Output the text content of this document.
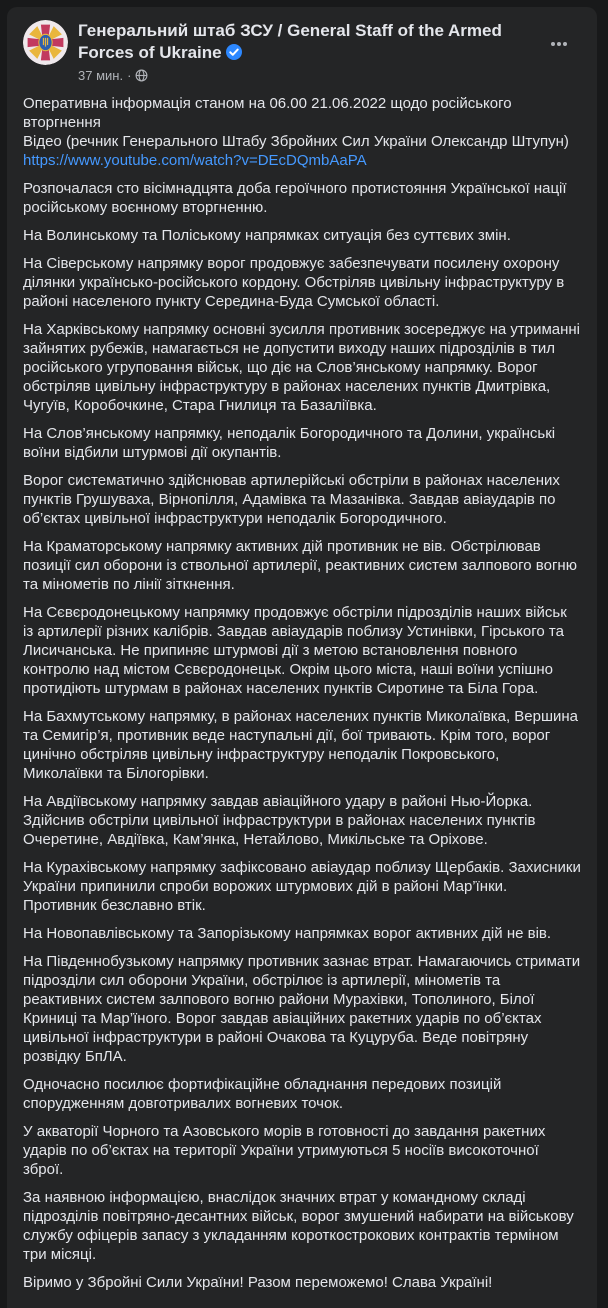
Генеральний штаб ЗСУ / General Staff of the Armed Forces of Ukraine
37 мин. ·

Оперативна інформація станом на 06.00 21.06.2022 щодо російського вторгнення
Відео (речник Генерального Штабу Збройних Сил України Олександр Штупун)
https://www.youtube.com/watch?v=DEcDQmbAaPA

Розпочалася сто вісімнадцята доба героїчного протистояння Української нації російському воєнному вторгненню.

На Волинському та Поліському напрямках ситуація без суттєвих змін.

На Сіверському напрямку ворог продовжує забезпечувати посилену охорону ділянки українсько-російського кордону. Обстріляв цивільну інфраструктуру в районі населеного пункту Середина-Буда Сумської області.

На Харківському напрямку основні зусилля противник зосереджує на утриманні зайнятих рубежів, намагається не допустити виходу наших підрозділів в тил російського угруповання військ, що діє на Слов’янському напрямку. Ворог обстріляв цивільну інфраструктуру в районах населених пунктів Дмитрівка, Чугуїв, Коробочкине, Стара Гнилиця та Базаліївка.

На Слов’янському напрямку, неподалік Богородичного та Долини, українські воїни відбили штурмові дії окупантів.

Ворог систематично здійснював артилерійські обстріли в районах населених пунктів Грушуваха, Вірнопілля, Адамівка та Мазанівка. Завдав авіаударів по об’єктах цивільної інфраструктури неподалік Богородичного.

На Краматорському напрямку активних дій противник не вів. Обстрілював позиції сил оборони із ствольної артилерії, реактивних систем залпового вогню та мінометів по лінії зіткнення.

На Сєвєродонецькому напрямку продовжує обстріли підрозділів наших військ із артилерії різних калібрів. Завдав авіаударів поблизу Устинівки, Гірського та Лисичанська. Не припиняє штурмові дії з метою встановлення повного контролю над містом Сєвєродонецьк. Окрім цього міста, наші воїни успішно протидіють штурмам в районах населених пунктів Сиротине та Біла Гора.

На Бахмутському напрямку, в районах населених пунктів Миколаївка, Вершина та Семигір’я, противник веде наступальні дії, бої тривають. Крім того, ворог цинічно обстріляв цивільну інфраструктуру неподалік Покровського, Миколаївки та Білогорівки.

На Авдіївському напрямку завдав авіаційного удару в районі Нью-Йорка. Здійснив обстріли цивільної інфраструктури в районах населених пунктів Очеретине, Авдіївка, Кам’янка, Нетайлово, Микільське та Оріхове.

На Курахівському напрямку зафіксовано авіаудар поблизу Щербаків. Захисники України припинили спроби ворожих штурмових дій в районі Мар’їнки. Противник безславно втік.

На Новопавлівському та Запорізькому напрямках ворог активних дій не вів.

На Південнобузькому напрямку противник зазнає втрат. Намагаючись стримати підрозділи сил оборони України, обстрілює із артилерії, мінометів та реактивних систем залпового вогню райони Мурахівки, Тополиного, Білої Криниці та Мар’їного. Ворог завдав авіаційних ракетних ударів по об’єктах цивільної інфраструктури в районі Очакова та Куцуруба. Веде повітряну розвідку БпЛА.

Одночасно посилює фортифікаційне обладнання передових позицій спорудженням довготривалих вогневих точок.

У акваторії Чорного та Азовського морів в готовності до завдання ракетних ударів по об’єктах на території України утримуються 5 носіїв високоточної зброї.

За наявною інформацією, внаслідок значних втрат у командному складі підрозділів повітряно-десантних військ, ворог змушений набирати на військову службу офіцерів запасу з укладанням короткострокових контрактів терміном три місяці.

Віримо у Збройні Сили України! Разом переможемо! Слава Україні!
